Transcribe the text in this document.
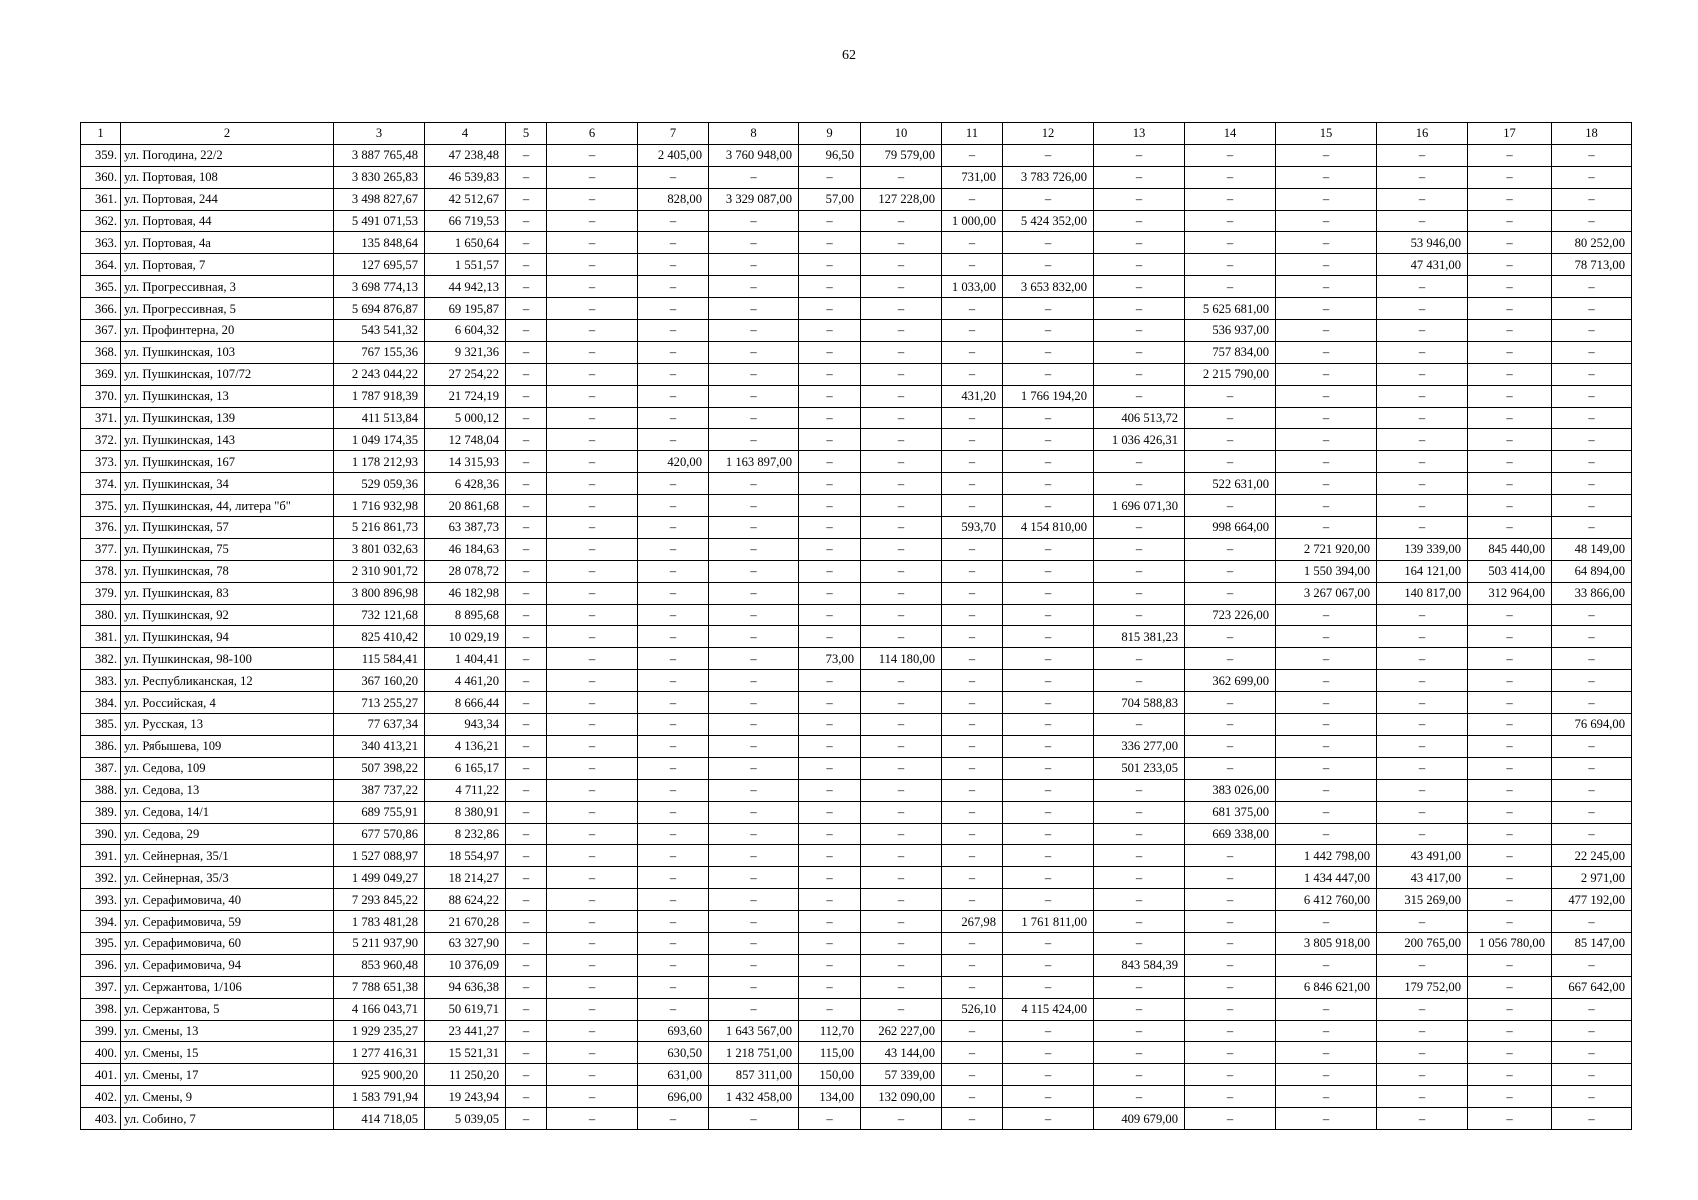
62
1	2	3	4	5	6	7	8	9	10	11	12	13	14	15	16	17	18
359.	ул. Погодина, 22/2	3 887 765,48	47 238,48	–	–	2 405,00	3 760 948,00	96,50	79 579,00	–	–	–	–	–	–	–	–
360.	ул. Портовая, 108	3 830 265,83	46 539,83	–	–	–	–	–	–	731,00	3 783 726,00	–	–	–	–	–	–
361.	ул. Портовая, 244	3 498 827,67	42 512,67	–	–	828,00	3 329 087,00	57,00	127 228,00	–	–	–	–	–	–	–	–
362.	ул. Портовая, 44	5 491 071,53	66 719,53	–	–	–	–	–	–	1 000,00	5 424 352,00	–	–	–	–	–	–
363.	ул. Портовая, 4а	135 848,64	1 650,64	–	–	–	–	–	–	–	–	–	–	–	53 946,00	–	80 252,00
364.	ул. Портовая, 7	127 695,57	1 551,57	–	–	–	–	–	–	–	–	–	–	–	47 431,00	–	78 713,00
365.	ул. Прогрессивная, 3	3 698 774,13	44 942,13	–	–	–	–	–	–	1 033,00	3 653 832,00	–	–	–	–	–	–
366.	ул. Прогрессивная, 5	5 694 876,87	69 195,87	–	–	–	–	–	–	–	–	–	5 625 681,00	–	–	–	–
367.	ул. Профинтерна, 20	543 541,32	6 604,32	–	–	–	–	–	–	–	–	–	536 937,00	–	–	–	–
368.	ул. Пушкинская, 103	767 155,36	9 321,36	–	–	–	–	–	–	–	–	–	757 834,00	–	–	–	–
369.	ул. Пушкинская, 107/72	2 243 044,22	27 254,22	–	–	–	–	–	–	–	–	–	2 215 790,00	–	–	–	–
370.	ул. Пушкинская, 13	1 787 918,39	21 724,19	–	–	–	–	–	–	431,20	1 766 194,20	–	–	–	–	–	–
371.	ул. Пушкинская, 139	411 513,84	5 000,12	–	–	–	–	–	–	–	–	406 513,72	–	–	–	–	–
372.	ул. Пушкинская, 143	1 049 174,35	12 748,04	–	–	–	–	–	–	–	–	1 036 426,31	–	–	–	–	–
373.	ул. Пушкинская, 167	1 178 212,93	14 315,93	–	–	420,00	1 163 897,00	–	–	–	–	–	–	–	–	–	–
374.	ул. Пушкинская, 34	529 059,36	6 428,36	–	–	–	–	–	–	–	–	–	522 631,00	–	–	–	–
375.	ул. Пушкинская, 44, литера "б"	1 716 932,98	20 861,68	–	–	–	–	–	–	–	–	1 696 071,30	–	–	–	–	–
376.	ул. Пушкинская, 57	5 216 861,73	63 387,73	–	–	–	–	–	–	593,70	4 154 810,00	–	998 664,00	–	–	–	–
377.	ул. Пушкинская, 75	3 801 032,63	46 184,63	–	–	–	–	–	–	–	–	–	–	2 721 920,00	139 339,00	845 440,00	48 149,00
378.	ул. Пушкинская, 78	2 310 901,72	28 078,72	–	–	–	–	–	–	–	–	–	–	1 550 394,00	164 121,00	503 414,00	64 894,00
379.	ул. Пушкинская, 83	3 800 896,98	46 182,98	–	–	–	–	–	–	–	–	–	–	3 267 067,00	140 817,00	312 964,00	33 866,00
380.	ул. Пушкинская, 92	732 121,68	8 895,68	–	–	–	–	–	–	–	–	–	723 226,00	–	–	–	–
381.	ул. Пушкинская, 94	825 410,42	10 029,19	–	–	–	–	–	–	–	–	815 381,23	–	–	–	–	–
382.	ул. Пушкинская, 98-100	115 584,41	1 404,41	–	–	–	–	73,00	114 180,00	–	–	–	–	–	–	–	–
383.	ул. Республиканская, 12	367 160,20	4 461,20	–	–	–	–	–	–	–	–	–	362 699,00	–	–	–	–
384.	ул. Российская, 4	713 255,27	8 666,44	–	–	–	–	–	–	–	–	704 588,83	–	–	–	–	–
385.	ул. Русская, 13	77 637,34	943,34	–	–	–	–	–	–	–	–	–	–	–	–	–	76 694,00
386.	ул. Рябышева, 109	340 413,21	4 136,21	–	–	–	–	–	–	–	–	336 277,00	–	–	–	–	–
387.	ул. Седова, 109	507 398,22	6 165,17	–	–	–	–	–	–	–	–	501 233,05	–	–	–	–	–
388.	ул. Седова, 13	387 737,22	4 711,22	–	–	–	–	–	–	–	–	–	383 026,00	–	–	–	–
389.	ул. Седова, 14/1	689 755,91	8 380,91	–	–	–	–	–	–	–	–	–	681 375,00	–	–	–	–
390.	ул. Седова, 29	677 570,86	8 232,86	–	–	–	–	–	–	–	–	–	669 338,00	–	–	–	–
391.	ул. Сейнерная, 35/1	1 527 088,97	18 554,97	–	–	–	–	–	–	–	–	–	–	1 442 798,00	43 491,00	–	22 245,00
392.	ул. Сейнерная, 35/3	1 499 049,27	18 214,27	–	–	–	–	–	–	–	–	–	–	1 434 447,00	43 417,00	–	2 971,00
393.	ул. Серафимовича, 40	7 293 845,22	88 624,22	–	–	–	–	–	–	–	–	–	–	6 412 760,00	315 269,00	–	477 192,00
394.	ул. Серафимовича, 59	1 783 481,28	21 670,28	–	–	–	–	–	–	267,98	1 761 811,00	–	–	–	–	–	–
395.	ул. Серафимовича, 60	5 211 937,90	63 327,90	–	–	–	–	–	–	–	–	–	–	3 805 918,00	200 765,00	1 056 780,00	85 147,00
396.	ул. Серафимовича, 94	853 960,48	10 376,09	–	–	–	–	–	–	–	–	843 584,39	–	–	–	–	–
397.	ул. Сержантова, 1/106	7 788 651,38	94 636,38	–	–	–	–	–	–	–	–	–	–	6 846 621,00	179 752,00	–	667 642,00
398.	ул. Сержантова, 5	4 166 043,71	50 619,71	–	–	–	–	–	–	526,10	4 115 424,00	–	–	–	–	–	–
399.	ул. Смены, 13	1 929 235,27	23 441,27	–	–	693,60	1 643 567,00	112,70	262 227,00	–	–	–	–	–	–	–	–
400.	ул. Смены, 15	1 277 416,31	15 521,31	–	–	630,50	1 218 751,00	115,00	43 144,00	–	–	–	–	–	–	–	–
401.	ул. Смены, 17	925 900,20	11 250,20	–	–	631,00	857 311,00	150,00	57 339,00	–	–	–	–	–	–	–	–
402.	ул. Смены, 9	1 583 791,94	19 243,94	–	–	696,00	1 432 458,00	134,00	132 090,00	–	–	–	–	–	–	–	–
403.	ул. Собино, 7	414 718,05	5 039,05	–	–	–	–	–	–	–	–	409 679,00	–	–	–	–	–
